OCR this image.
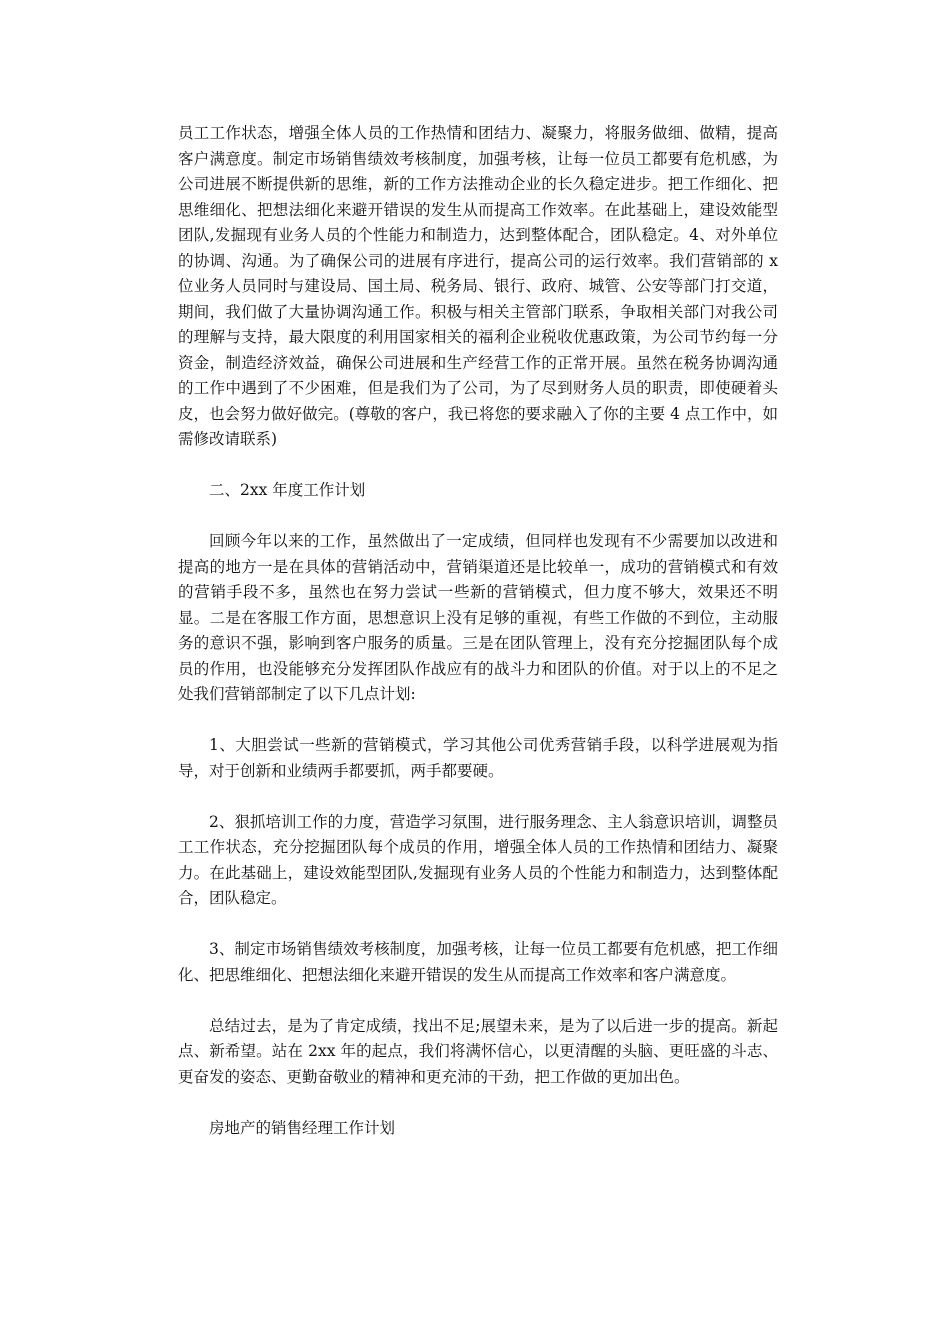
员工工作状态，增强全体人员的工作热情和团结力、凝聚力，将服务做细、做精，提高客户满意度。制定市场销售绩效考核制度，加强考核，让每一位员工都要有危机感，为公司进展不断提供新的思维，新的工作方法推动企业的长久稳定进步。把工作细化、把思维细化、把想法细化来避开错误的发生从而提高工作效率。在此基础上，建设效能型团队,发掘现有业务人员的个性能力和制造力，达到整体配合，团队稳定。4、对外单位的协调、沟通。为了确保公司的进展有序进行，提高公司的运行效率。我们营销部的 x 位业务人员同时与建设局、国土局、税务局、银行、政府、城管、公安等部门打交道，期间，我们做了大量协调沟通工作。积极与相关主管部门联系，争取相关部门对我公司的理解与支持，最大限度的利用国家相关的福利企业税收优惠政策，为公司节约每一分资金，制造经济效益，确保公司进展和生产经营工作的正常开展。虽然在税务协调沟通的工作中遇到了不少困难，但是我们为了公司，为了尽到财务人员的职责，即使硬着头皮，也会努力做好做完。(尊敬的客户，我已将您的要求融入了你的主要 4 点工作中，如需修改请联系)

二、2xx 年度工作计划

回顾今年以来的工作，虽然做出了一定成绩，但同样也发现有不少需要加以改进和提高的地方一是在具体的营销活动中，营销渠道还是比较单一，成功的营销模式和有效的营销手段不多，虽然也在努力尝试一些新的营销模式，但力度不够大，效果还不明显。二是在客服工作方面，思想意识上没有足够的重视，有些工作做的不到位，主动服务的意识不强，影响到客户服务的质量。三是在团队管理上，没有充分挖掘团队每个成员的作用，也没能够充分发挥团队作战应有的战斗力和团队的价值。对于以上的不足之处我们营销部制定了以下几点计划:

1、大胆尝试一些新的营销模式，学习其他公司优秀营销手段，以科学进展观为指导，对于创新和业绩两手都要抓，两手都要硬。

2、狠抓培训工作的力度，营造学习氛围，进行服务理念、主人翁意识培训，调整员工工作状态，充分挖掘团队每个成员的作用，增强全体人员的工作热情和团结力、凝聚力。在此基础上，建设效能型团队,发掘现有业务人员的个性能力和制造力，达到整体配合，团队稳定。

3、制定市场销售绩效考核制度，加强考核，让每一位员工都要有危机感，把工作细化、把思维细化、把想法细化来避开错误的发生从而提高工作效率和客户满意度。

总结过去，是为了肯定成绩，找出不足;展望未来，是为了以后进一步的提高。新起点、新希望。站在 2xx 年的起点，我们将满怀信心，以更清醒的头脑、更旺盛的斗志、更奋发的姿态、更勤奋敬业的精神和更充沛的干劲，把工作做的更加出色。

房地产的销售经理工作计划
